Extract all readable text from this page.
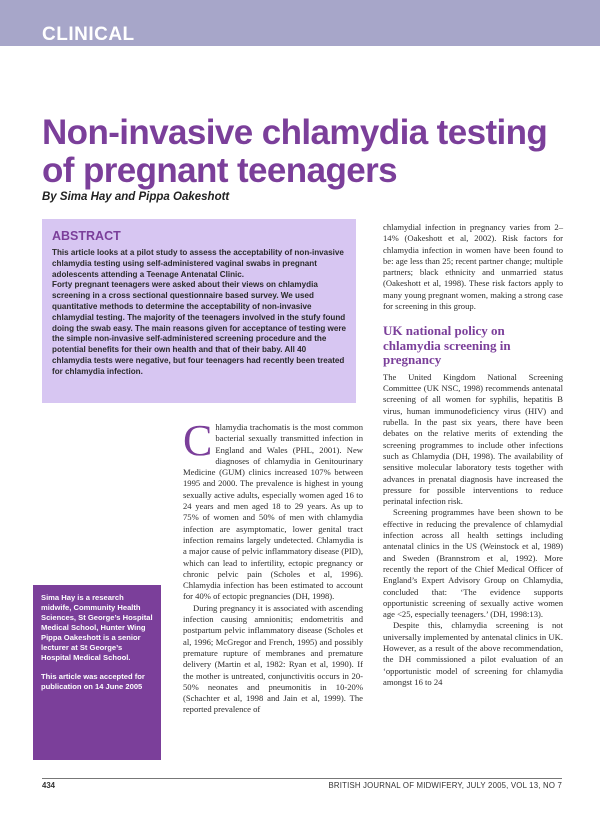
CLINICAL
Non-invasive chlamydia testing of pregnant teenagers
By Sima Hay and Pippa Oakeshott
ABSTRACT

This article looks at a pilot study to assess the acceptability of non-invasive chlamydia testing using self-administered vaginal swabs in pregnant adolescents attending a Teenage Antenatal Clinic.

Forty pregnant teenagers were asked about their views on chlamydia screening in a cross sectional questionnaire based survey. We used quantitative methods to determine the acceptability of non-invasive chlamydial testing. The majority of the teenagers involved in the stufy found doing the swab easy. The main reasons given for acceptance of testing were the simple non-invasive self-administered screening procedure and the potential benefits for their own health and that of their baby. All 40 chlamydia tests were negative, but four teenagers had recently been treated for chlamydia infection.

Sima Hay is a research midwife, Community Health Sciences, St George’s Hospital Medical School, Hunter Wing Pippa Oakeshott is a senior lecturer at St George’s Hospital Medical School.

This article was accepted for publication on 14 June 2005

Chlamydia trachomatis is the most common bacterial sexually transmitted infection in England and Wales (PHL, 2001). New diagnoses of chlamydia in Genitourinary Medicine (GUM) clinics increased 107% between 1995 and 2000. The prevalence is highest in young sexually active adults, especially women aged 16 to 24 years and men aged 18 to 29 years. As up to 75% of women and 50% of men with chlamydia infection are asymptomatic, lower genital tract infection remains largely undetected. Chlamydia is a major cause of pelvic inflammatory disease (PID), which can lead to infertility, ectopic pregnancy or chronic pelvic pain (Scholes et al, 1996). Chlamydia infection has been estimated to account for 40% of ectopic pregnancies (DH, 1998).

During pregnancy it is associated with ascending infection causing amnionitis; endometritis and postpartum pelvic inflammatory disease (Scholes et al, 1996; McGregor and French, 1995) and possibly premature rupture of membranes and premature delivery (Martin et al, 1982: Ryan et al, 1990). If the mother is untreated, conjunctivitis occurs in 20-50% neonates and pneumonitis in 10-20% (Schachter et al, 1998 and Jain et al, 1999). The reported prevalence of

chlamydial infection in pregnancy varies from 2–14% (Oakeshott et al, 2002). Risk factors for chlamydia infection in women have been found to be: age less than 25; recent partner change; multiple partners; black ethnicity and unmarried status (Oakeshott et al, 1998). These risk factors apply to many young pregnant women, making a strong case for screening in this group.

UK national policy on chlamydia screening in pregnancy

The United Kingdom National Screening Committee (UK NSC, 1998) recommends antenatal screening of all women for syphilis, hepatitis B virus, human immunodeficiency virus (HIV) and rubella. In the past six years, there have been debates on the relative merits of extending the screening programmes to include other infections such as Chlamydia (DH, 1998). The availability of sensitive molecular laboratory tests together with advances in prenatal diagnosis have increased the pressure for possible interventions to reduce perinatal infection risk.

Screening programmes have been shown to be effective in reducing the prevalence of chlamydial infection across all health settings including antenatal clinics in the US (Weinstock et al, 1989) and Sweden (Brannstrom et al, 1992). More recently the report of the Chief Medical Officer of England’s Expert Advisory Group on Chlamydia, concluded that: ‘The evidence supports opportunistic screening of sexually active women age <25, especially teenagers.’ (DH, 1998:13).

Despite this, chlamydia screening is not universally implemented by antenatal clinics in UK. However, as a result of the above recommendation, the DH commissioned a pilot evaluation of an ‘opportunistic model of screening for chlamydia amongst 16 to 24

434	BRITISH JOURNAL OF MIDWIFERY, JULY 2005, VOL 13, NO 7
